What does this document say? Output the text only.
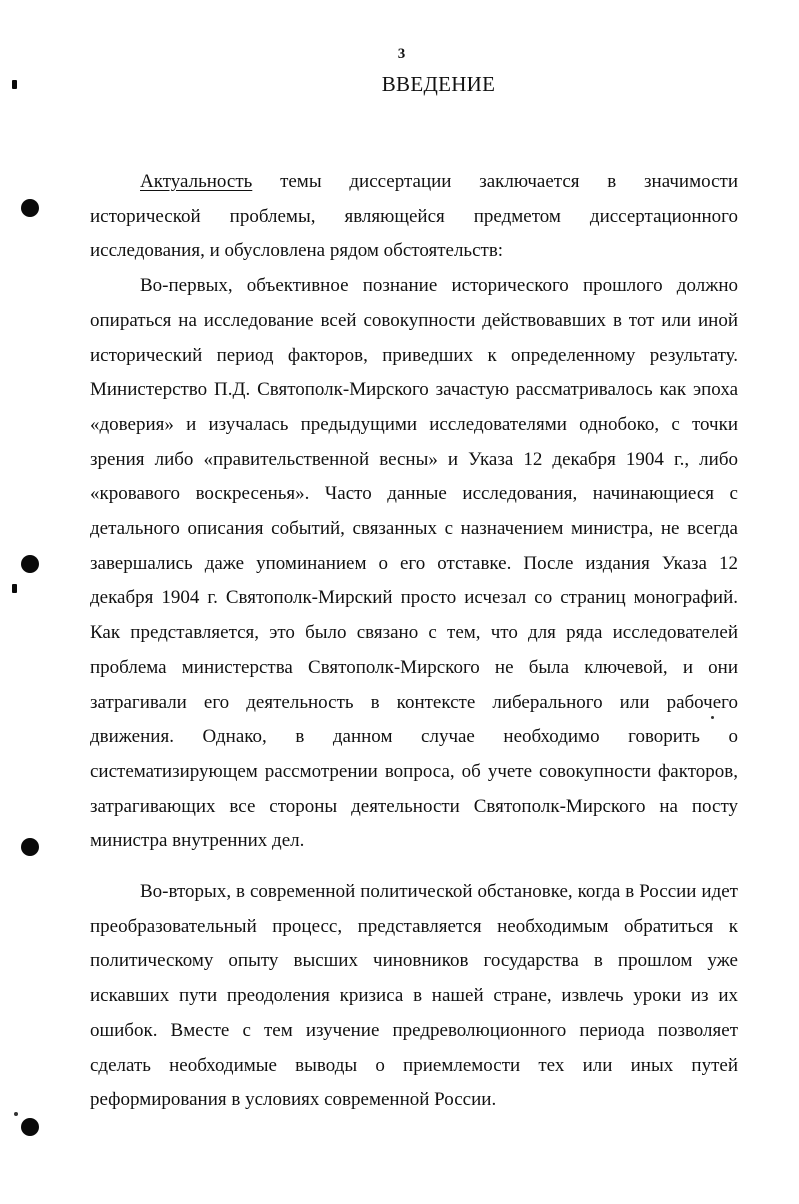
3
ВВЕДЕНИЕ

Актуальность темы диссертации заключается в значимости исторической проблемы, являющейся предметом диссертационного исследования, и обусловлена рядом обстоятельств:

Во-первых, объективное познание исторического прошлого должно опираться на исследование всей совокупности действовавших в тот или иной исторический период факторов, приведших к определенному результату. Министерство П.Д. Святополк-Мирского зачастую рассматривалось как эпоха «доверия» и изучалась предыдущими исследователями однобоко, с точки зрения либо «правительственной весны» и Указа 12 декабря 1904 г., либо «кровавого воскресенья». Часто данные исследования, начинающиеся с детального описания событий, связанных с назначением министра, не всегда завершались даже упоминанием о его отставке. После издания Указа 12 декабря 1904 г. Святополк-Мирский просто исчезал со страниц монографий. Как представляется, это было связано с тем, что для ряда исследователей проблема министерства Святополк-Мирского не была ключевой, и они затрагивали его деятельность в контексте либерального или рабочего движения. Однако, в данном случае необходимо говорить о систематизирующем рассмотрении вопроса, об учете совокупности факторов, затрагивающих все стороны деятельности Святополк-Мирского на посту министра внутренних дел.

Во-вторых, в современной политической обстановке, когда в России идет преобразовательный процесс, представляется необходимым обратиться к политическому опыту высших чиновников государства в прошлом уже искавших пути преодоления кризиса в нашей стране, извлечь уроки из их ошибок. Вместе с тем изучение предреволюционного периода позволяет сделать необходимые выводы о приемлемости тех или иных путей реформирования в условиях современной России.
